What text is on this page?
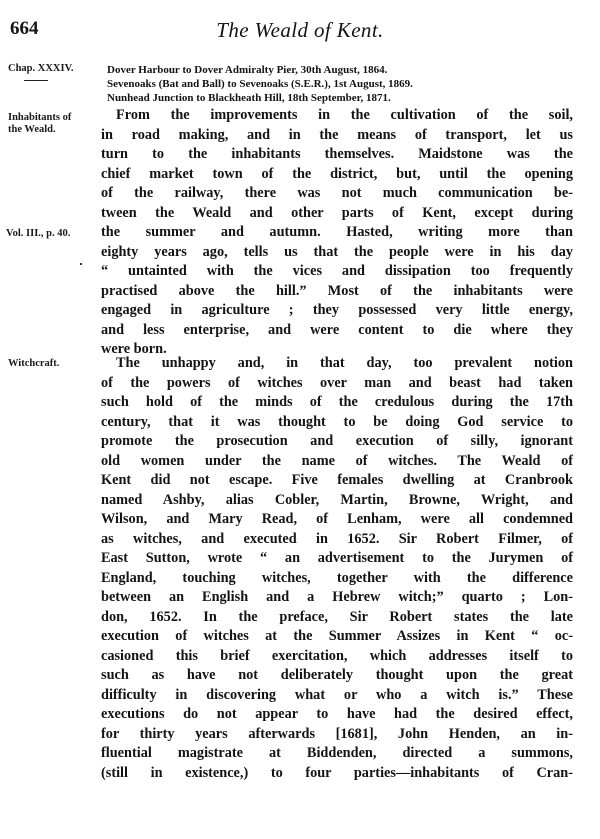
664	The Weald of Kent.
Chap. XXXIV.
Inhabitants of
the Weald.
Vol. III., p. 40.
Witchcraft.
Dover Harbour to Dover Admiralty Pier, 30th August, 1864.
Sevenoaks (Bat and Ball) to Sevenoaks (S.E.R.), 1st August, 1869.
Nunhead Junction to Blackheath Hill, 18th September, 1871.
From the improvements in the cultivation of the soil,
in road making, and in the means of transport, let us
turn to the inhabitants themselves. Maidstone was the
chief market town of the district, but, until the opening
of the railway, there was not much communication be-
tween the Weald and other parts of Kent, except during
the summer and autumn. Hasted, writing more than
eighty years ago, tells us that the people were in his day
“ untainted with the vices and dissipation too frequently
practised above the hill.” Most of the inhabitants were
engaged in agriculture ; they possessed very little energy,
and less enterprise, and were content to die where they
were born.
The unhappy and, in that day, too prevalent notion
of the powers of witches over man and beast had taken
such hold of the minds of the credulous during the 17th
century, that it was thought to be doing God service to
promote the prosecution and execution of silly, ignorant
old women under the name of witches. The Weald of
Kent did not escape. Five females dwelling at Cranbrook
named Ashby, alias Cobler, Martin, Browne, Wright, and
Wilson, and Mary Read, of Lenham, were all condemned
as witches, and executed in 1652. Sir Robert Filmer, of
East Sutton, wrote “ an advertisement to the Jurymen of
England, touching witches, together with the difference
between an English and a Hebrew witch;” quarto ; Lon-
don, 1652. In the preface, Sir Robert states the late
execution of witches at the Summer Assizes in Kent “ oc-
casioned this brief exercitation, which addresses itself to
such as have not deliberately thought upon the great
difficulty in discovering what or who a witch is.” These
executions do not appear to have had the desired effect,
for thirty years afterwards [1681], John Henden, an in-
fluential magistrate at Biddenden, directed a summons,
(still in existence,) to four parties—inhabitants of Cran-
